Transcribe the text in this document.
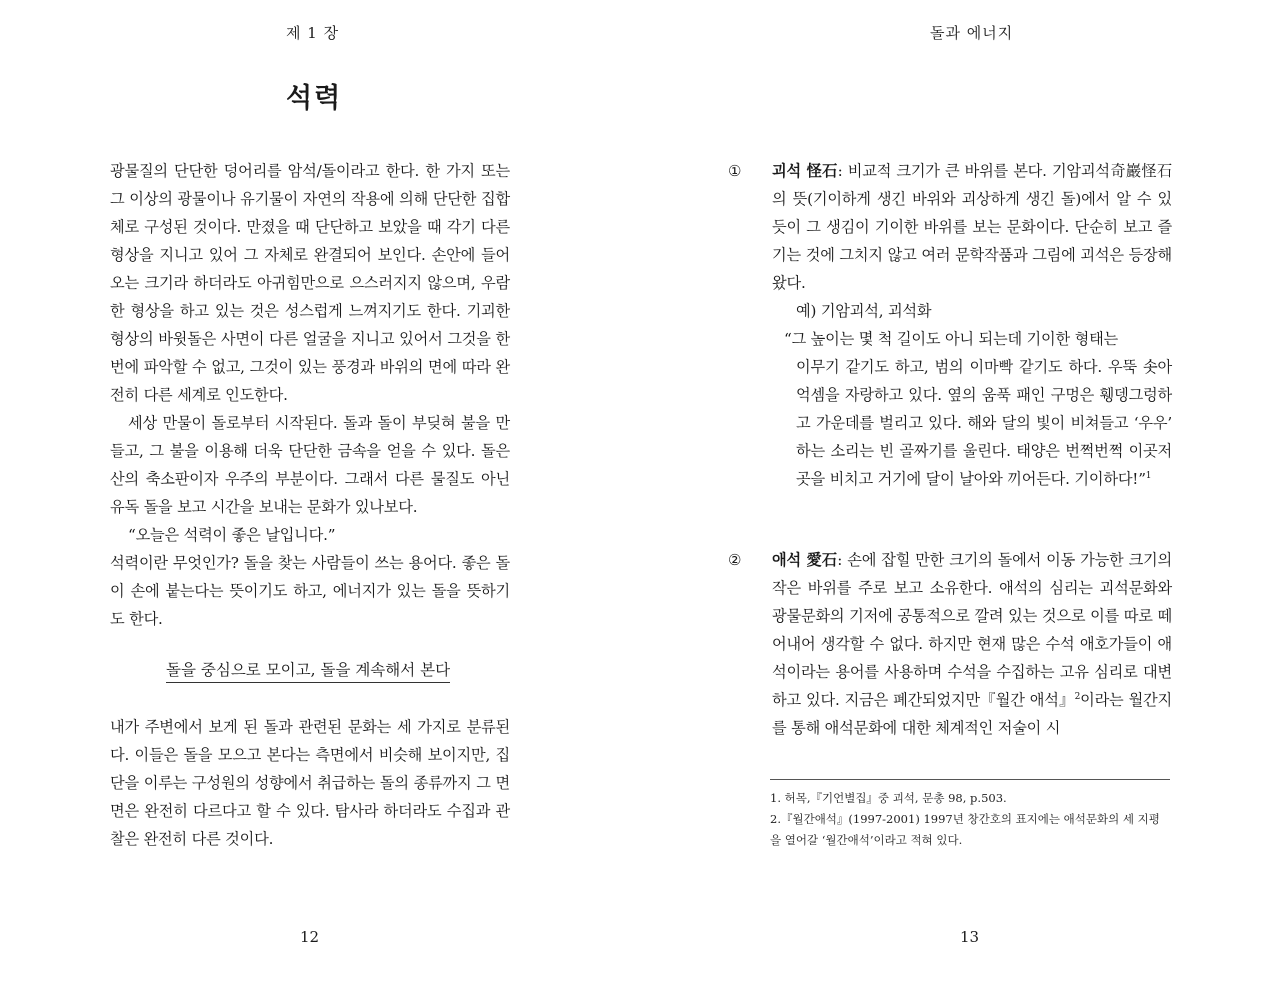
제 1 장
석력

광물질의 단단한 덩어리를 암석/돌이라고 한다. 한 가지 또는 그 이상의 광물이나 유기물이 자연의 작용에 의해 단단한 집합체로 구성된 것이다. 만졌을 때 단단하고 보았을 때 각기 다른 형상을 지니고 있어 그 자체로 완결되어 보인다. 손안에 들어오는 크기라 하더라도 아귀힘만으로 으스러지지 않으며, 우람한 형상을 하고 있는 것은 성스럽게 느껴지기도 한다. 기괴한 형상의 바윗돌은 사면이 다른 얼굴을 지니고 있어서 그것을 한 번에 파악할 수 없고, 그것이 있는 풍경과 바위의 면에 따라 완전히 다른 세계로 인도한다.

세상 만물이 돌로부터 시작된다. 돌과 돌이 부딪혀 불을 만들고, 그 불을 이용해 더욱 단단한 금속을 얻을 수 있다. 돌은 산의 축소판이자 우주의 부분이다. 그래서 다른 물질도 아닌 유독 돌을 보고 시간을 보내는 문화가 있나보다.

“오늘은 석력이 좋은 날입니다.”

석력이란 무엇인가? 돌을 찾는 사람들이 쓰는 용어다. 좋은 돌이 손에 붙는다는 뜻이기도 하고, 에너지가 있는 돌을 뜻하기도 한다.

돌을 중심으로 모이고, 돌을 계속해서 본다

내가 주변에서 보게 된 돌과 관련된 문화는 세 가지로 분류된다. 이들은 돌을 모으고 본다는 측면에서 비슷해 보이지만, 집단을 이루는 구성원의 성향에서 취급하는 돌의 종류까지 그 면면은 완전히 다르다고 할 수 있다. 탐사라 하더라도 수집과 관찰은 완전히 다른 것이다.

12
돌과 에너지
13
①	괴석 怪石: 비교적 크기가 큰 바위를 본다. 기암괴석奇巖怪石의 뜻(기이하게 생긴 바위와 괴상하게 생긴 돌)에서 알 수 있듯이 그 생김이 기이한 바위를 보는 문화이다. 단순히 보고 즐기는 것에 그치지 않고 여러 문학작품과 그림에 괴석은 등장해왔다.

예) 기암괴석, 괴석화

“그 높이는 몇 척 길이도 아니 되는데 기이한 형태는

이무기 같기도 하고, 범의 이마빡 같기도 하다. 우뚝 솟아 억셈을 자랑하고 있다. 옆의 움푹 패인 구멍은 휑뎅그렁하고 가운데를 벌리고 있다. 해와 달의 빛이 비쳐들고 ‘우우’ 하는 소리는 빈 골짜기를 울린다. 태양은 번쩍번쩍 이곳저곳을 비치고 거기에 달이 날아와 끼어든다. 기이하다!”$^1$

②	애석 愛石: 손에 잡힐 만한 크기의 돌에서 이동 가능한 크기의 작은 바위를 주로 보고 소유한다. 애석의 심리는 괴석문화와 광물문화의 기저에 공통적으로 깔려 있는 것으로 이를 따로 떼어내어 생각할 수 없다. 하지만 현재 많은 수석 애호가들이 애석이라는 용어를 사용하며 수석을 수집하는 고유 심리로 대변하고 있다. 지금은 폐간되었지만『월간 애석』$^2$이라는 월간지를 통해 애석문화에 대한 체계적인 저술이 시

1. 허목,『기언별집』중 괴석, 문총 98, p.503.

2.『월간애석』(1997-2001) 1997년 창간호의 표지에는 애석문화의 세 지평을 열어갈 ‘월간애석’이라고 적혀 있다.
